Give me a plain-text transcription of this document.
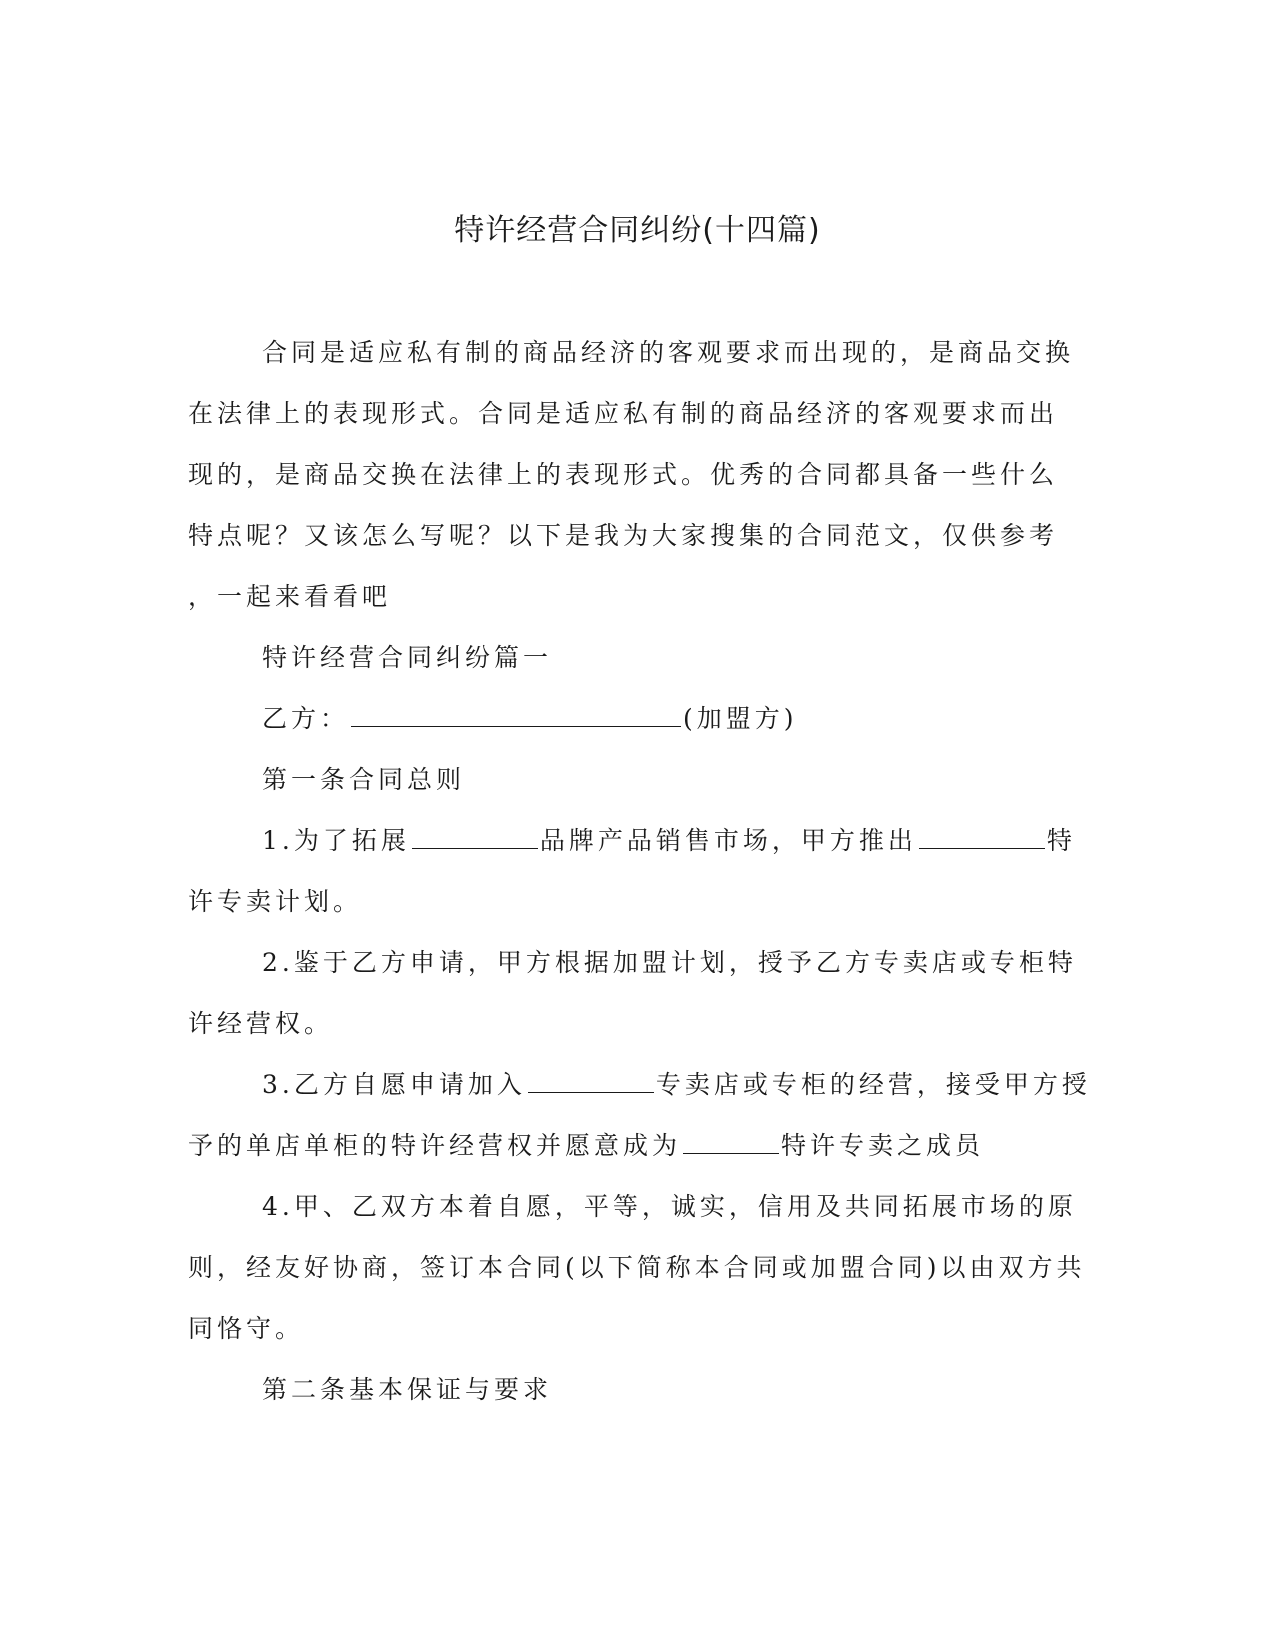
特许经营合同纠纷(十四篇)
合同是适应私有制的商品经济的客观要求而出现的，是商品交换
在法律上的表现形式。合同是适应私有制的商品经济的客观要求而出
现的，是商品交换在法律上的表现形式。优秀的合同都具备一些什么
特点呢？又该怎么写呢？以下是我为大家搜集的合同范文，仅供参考
，一起来看看吧
特许经营合同纠纷篇一
乙方：	(加盟方)
第一条合同总则
1.为了拓展	品牌产品销售市场，甲方推出	特
许专卖计划。
2.鉴于乙方申请，甲方根据加盟计划，授予乙方专卖店或专柜特
许经营权。
3.乙方自愿申请加入	专卖店或专柜的经营，接受甲方授
予的单店单柜的特许经营权并愿意成为	特许专卖之成员
4.甲、乙双方本着自愿，平等，诚实，信用及共同拓展市场的原
则，经友好协商，签订本合同(以下简称本合同或加盟合同)以由双方共
同恪守。
第二条基本保证与要求
